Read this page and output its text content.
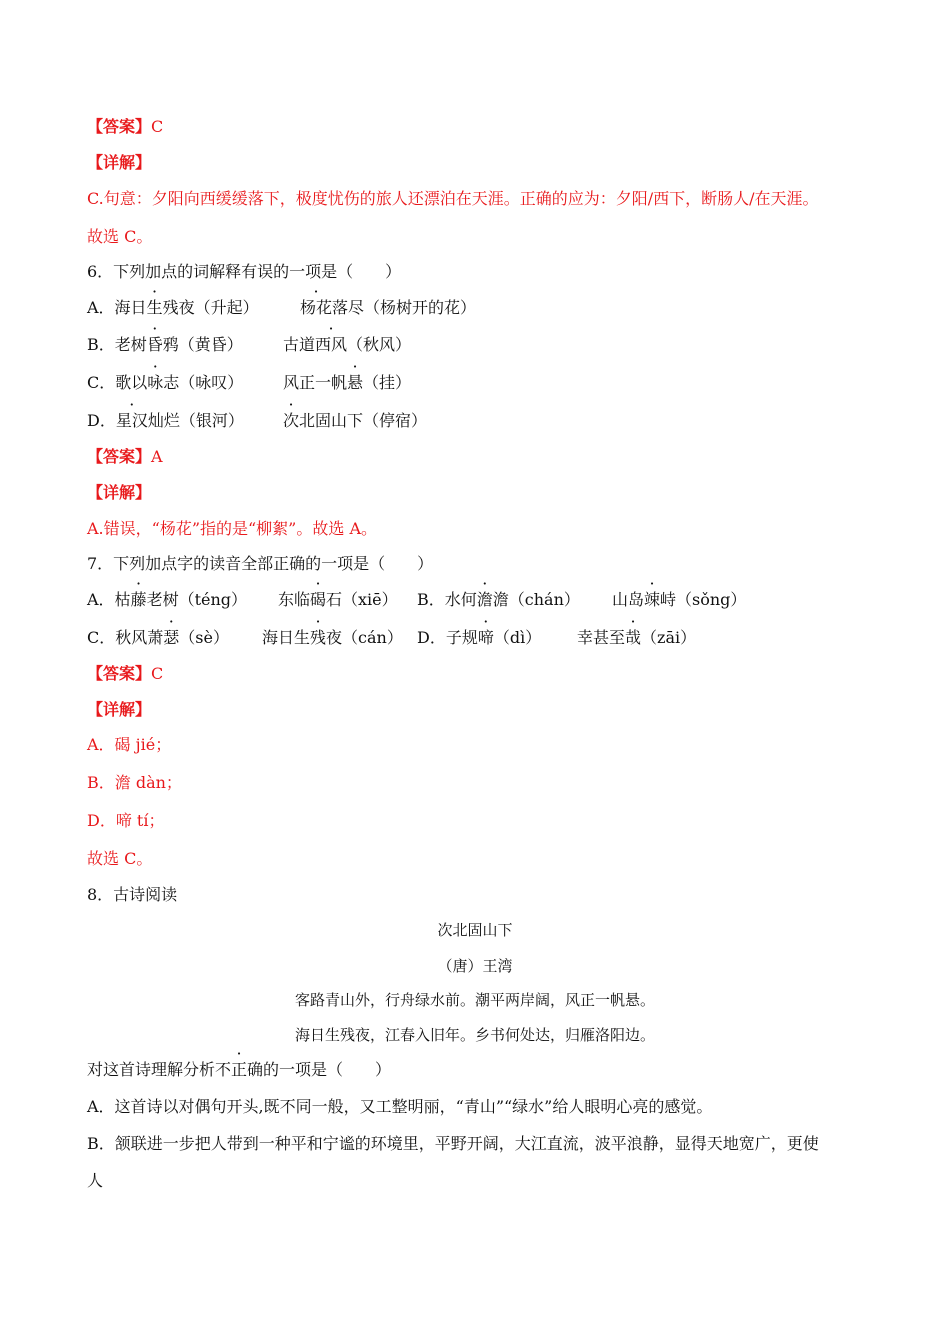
【答案】C
【详解】
C.句意：夕阳向西缓缓落下，极度忧伤的旅人还漂泊在天涯。正确的应为：夕阳/西下，断肠人/在天涯。
故选 C。
6．下列加点的词解释有误的一项是（　　）
A．海日生残夜（升起）	杨花落尽（杨树开的花）
B．老树昏鸦（黄昏）	古道西风（秋风）
C．歌以咏志（咏叹） 风正一帆悬（挂）
D．星汉灿烂（银河） 次北固山下（停宿）
【答案】A
【详解】
A.错误，“杨花”指的是“柳絮”。故选 A。
7．下列加点字的读音全部正确的一项是（　　）
A．枯藤老树（téng） 东临碣石（xiē） B．水何澹澹（chán） 山岛竦峙（sǒng）
C．秋风萧瑟（sè） 海日生残夜（cán） D．子规啼（dì） 幸甚至哉（zāi）
【答案】C
【详解】
A．碣 jié；
B．澹 dàn；
D．啼 tí；
故选 C。
8．古诗阅读
次北固山下
（唐）王湾
客路青山外，行舟绿水前。潮平两岸阔，风正一帆悬。
海日生残夜，江春入旧年。乡书何处达，归雁洛阳边。
对这首诗理解分析不正确的一项是（　　）
A．这首诗以对偶句开头,既不同一般，又工整明丽，“青山”“绿水”给人眼明心亮的感觉。
B．颔联进一步把人带到一种平和宁谧的环境里，平野开阔，大江直流，波平浪静，显得天地宽广，更使
人
